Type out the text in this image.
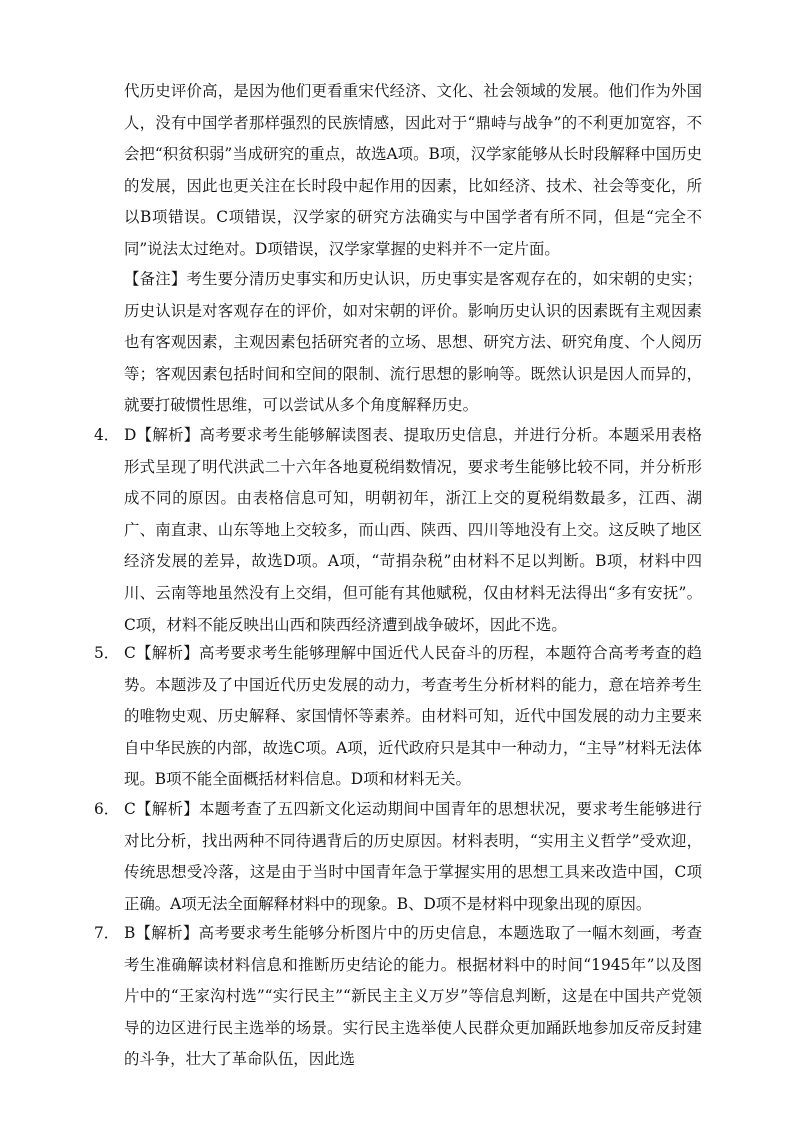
代历史评价高，是因为他们更看重宋代经济、文化、社会领域的发展。他们作为外国人，没有中国学者那样强烈的民族情感，因此对于“鼎峙与战争”的不利更加宽容，不会把“积贫积弱”当成研究的重点，故选A项。B项，汉学家能够从长时段解释中国历史的发展，因此也更关注在长时段中起作用的因素，比如经济、技术、社会等变化，所以B项错误。C项错误，汉学家的研究方法确实与中国学者有所不同，但是“完全不同”说法太过绝对。D项错误，汉学家掌握的史料并不一定片面。

【备注】考生要分清历史事实和历史认识，历史事实是客观存在的，如宋朝的史实；历史认识是对客观存在的评价，如对宋朝的评价。影响历史认识的因素既有主观因素也有客观因素，主观因素包括研究者的立场、思想、研究方法、研究角度、个人阅历等；客观因素包括时间和空间的限制、流行思想的影响等。既然认识是因人而异的，就要打破惯性思维，可以尝试从多个角度解释历史。

4． D【解析】高考要求考生能够解读图表、提取历史信息，并进行分析。本题采用表格形式呈现了明代洪武二十六年各地夏税绢数情况，要求考生能够比较不同，并分析形成不同的原因。由表格信息可知，明朝初年，浙江上交的夏税绢数最多，江西、湖广、南直隶、山东等地上交较多，而山西、陕西、四川等地没有上交。这反映了地区经济发展的差异，故选D项。A项，“苛捐杂税”由材料不足以判断。B项，材料中四川、云南等地虽然没有上交绢，但可能有其他赋税，仅由材料无法得出“多有安抚”。C项，材料不能反映出山西和陕西经济遭到战争破坏，因此不选。
5． C【解析】高考要求考生能够理解中国近代人民奋斗的历程，本题符合高考考查的趋势。本题涉及了中国近代历史发展的动力，考查考生分析材料的能力，意在培养考生的唯物史观、历史解释、家国情怀等素养。由材料可知，近代中国发展的动力主要来自中华民族的内部，故选C项。A项，近代政府只是其中一种动力，“主导”材料无法体现。B项不能全面概括材料信息。D项和材料无关。
6． C【解析】本题考查了五四新文化运动期间中国青年的思想状况，要求考生能够进行对比分析，找出两种不同待遇背后的历史原因。材料表明，“实用主义哲学”受欢迎，传统思想受冷落，这是由于当时中国青年急于掌握实用的思想工具来改造中国，C项正确。A项无法全面解释材料中的现象。B、D项不是材料中现象出现的原因。
7． B【解析】高考要求考生能够分析图片中的历史信息，本题选取了一幅木刻画，考查考生准确解读材料信息和推断历史结论的能力。根据材料中的时间“1945年”以及图片中的“王家沟村选”“实行民主”“新民主主义万岁”等信息判断，这是在中国共产党领导的边区进行民主选举的场景。实行民主选举使人民群众更加踊跃地参加反帝反封建的斗争，壮大了革命队伍，因此选
